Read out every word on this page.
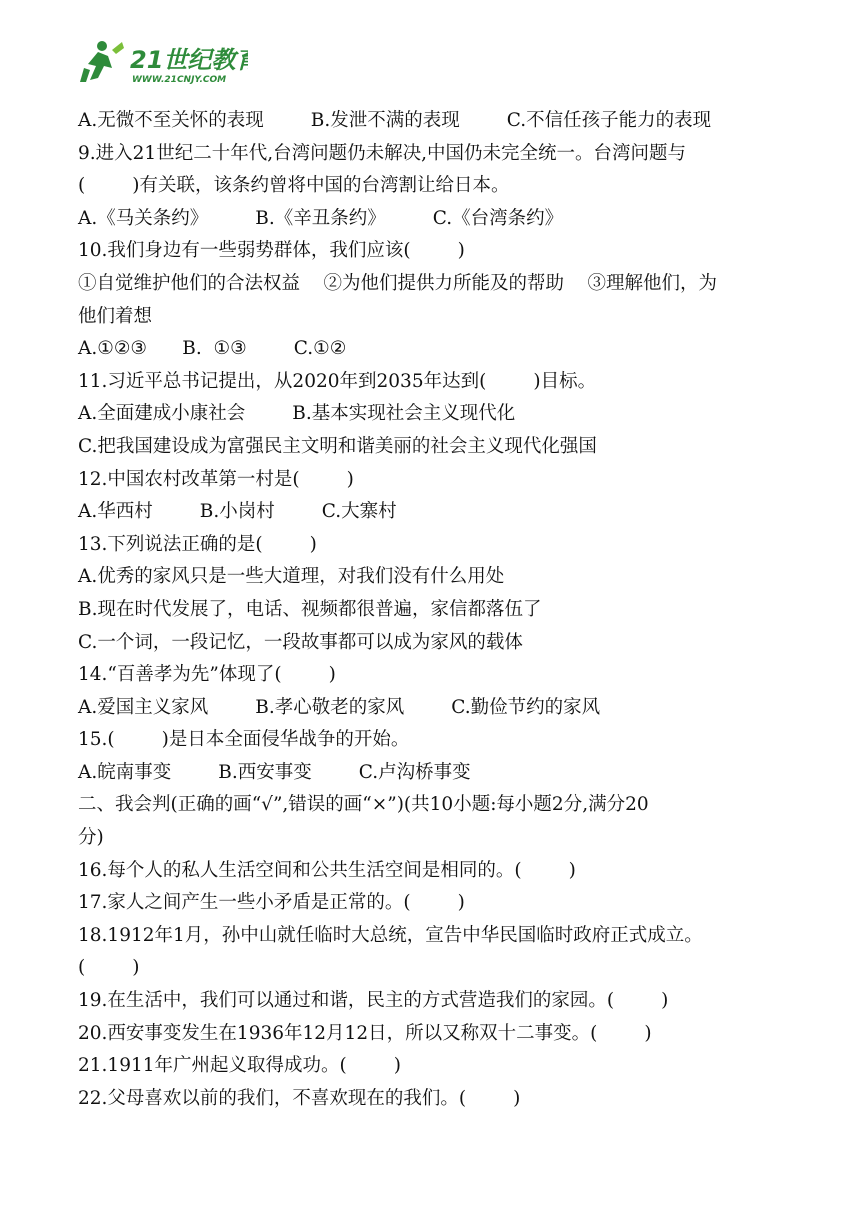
21世纪教育
WWW.21CNJY.COM
A.无微不至关怀的表现        B.发泄不满的表现        C.不信任孩子能力的表现
9.进入21世纪二十年代,台湾问题仍未解决,中国仍未完全统一。台湾问题与
(        )有关联，该条约曾将中国的台湾割让给日本。
A.《马关条约》        B.《辛丑条约》        C.《台湾条约》
10.我们身边有一些弱势群体，我们应该(        )
①自觉维护他们的合法权益    ②为他们提供力所能及的帮助    ③理解他们，为
他们着想
A.①②③      B.  ①③        C.①②
11.习近平总书记提出，从2020年到2035年达到(        )目标。
A.全面建成小康社会        B.基本实现社会主义现代化
C.把我国建设成为富强民主文明和谐美丽的社会主义现代化强国
12.中国农村改革第一村是(        )
A.华西村        B.小岗村        C.大寨村
13.下列说法正确的是(        )
A.优秀的家风只是一些大道理，对我们没有什么用处
B.现在时代发展了，电话、视频都很普遍，家信都落伍了
C.一个词，一段记忆，一段故事都可以成为家风的载体
14.“百善孝为先”体现了(        )
A.爱国主义家风        B.孝心敬老的家风        C.勤俭节约的家风
15.(        )是日本全面侵华战争的开始。
A.皖南事变        B.西安事变        C.卢沟桥事变
二、我会判(正确的画“√”,错误的画“×”)(共10小题:每小题2分,满分20
分)
16.每个人的私人生活空间和公共生活空间是相同的。(        )
17.家人之间产生一些小矛盾是正常的。(        )
18.1912年1月，孙中山就任临时大总统，宣告中华民国临时政府正式成立。
(        )
19.在生活中，我们可以通过和谐，民主的方式营造我们的家园。(        )
20.西安事变发生在1936年12月12日，所以又称双十二事变。(        )
21.1911年广州起义取得成功。(        )
22.父母喜欢以前的我们，不喜欢现在的我们。(        )
